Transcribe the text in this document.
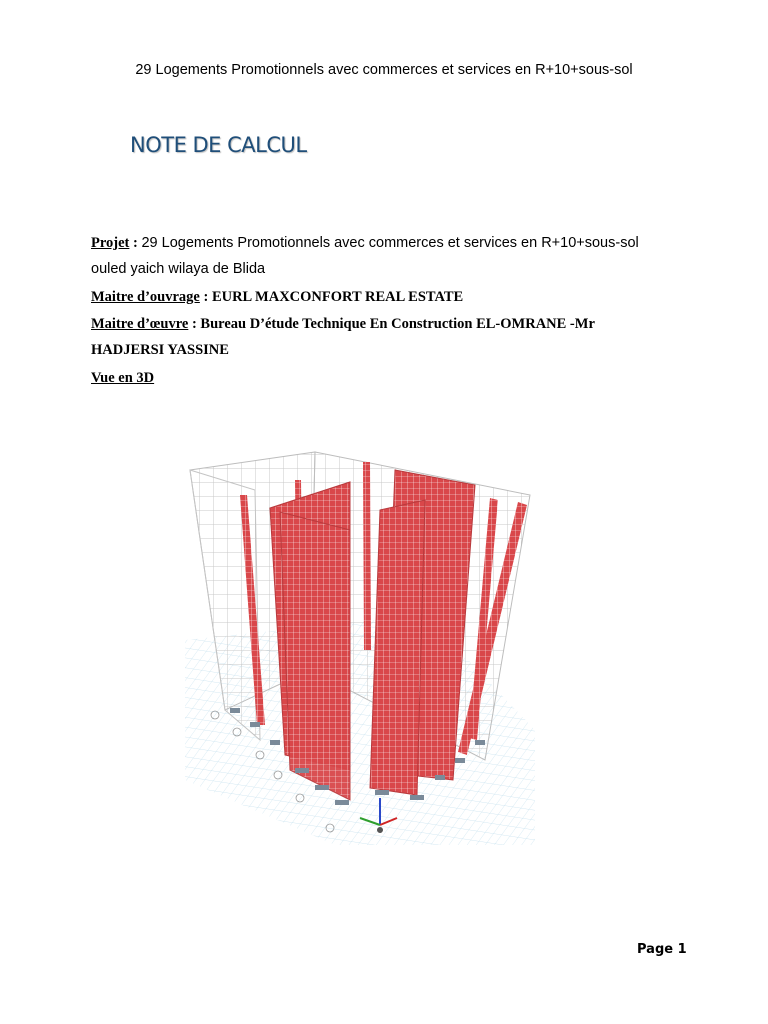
29 Logements Promotionnels avec commerces et services en R+10+sous-sol
NOTE DE CALCUL
Projet : 29 Logements Promotionnels avec commerces et services en R+10+sous-sol
ouled yaich wilaya de Blida
Maitre d’ouvrage : EURL MAXCONFORT REAL ESTATE
Maitre d’œuvre : Bureau D’étude Technique En Construction EL-OMRANE -Mr
HADJERSI YASSINE
Vue en 3D
Page 1
